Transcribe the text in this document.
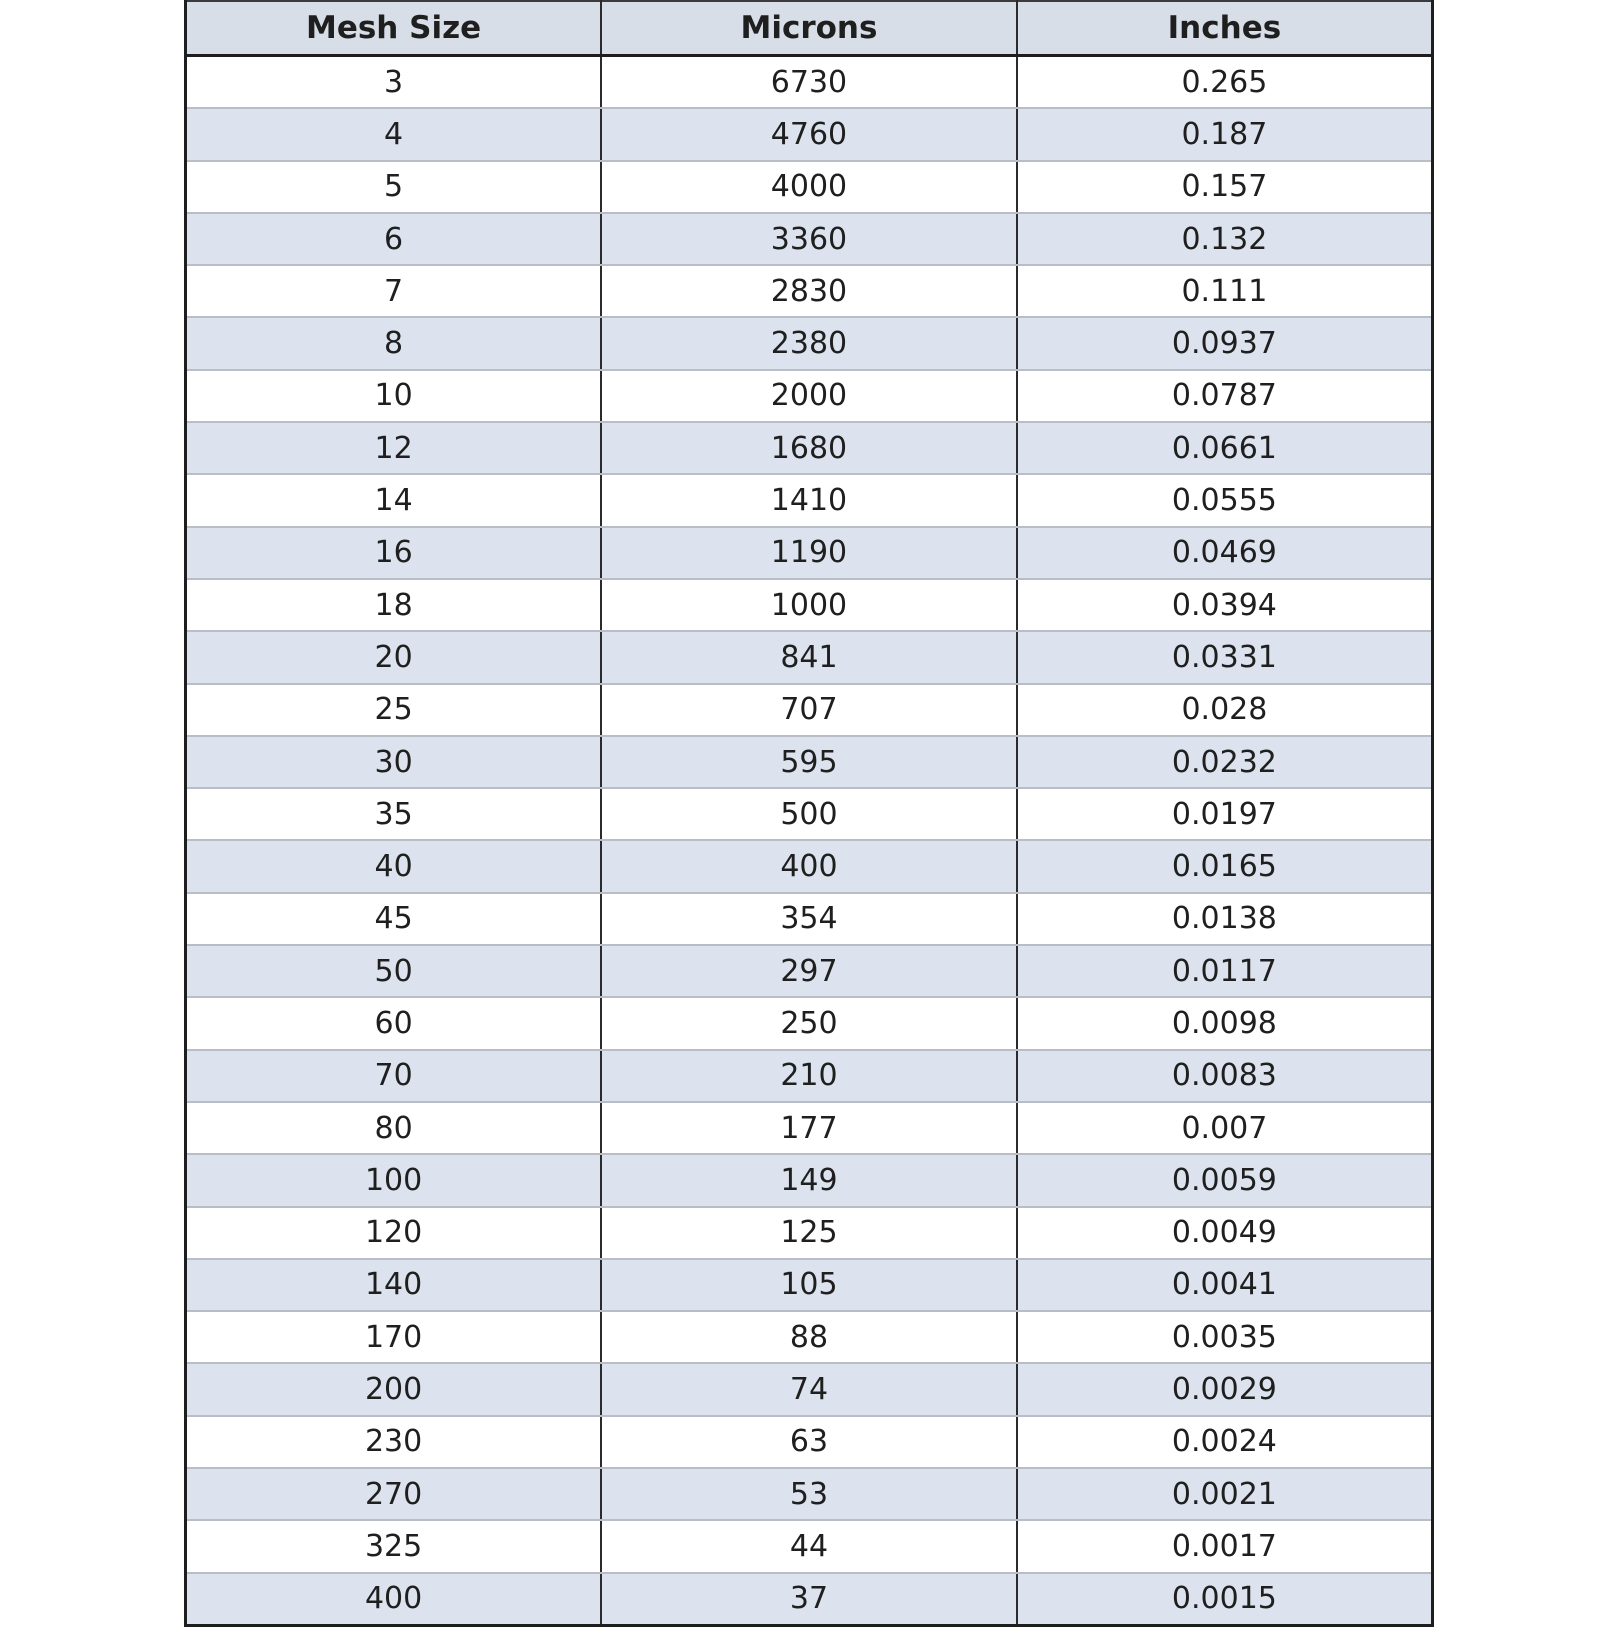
Mesh Size	Microns	Inches
3	6730	0.265
4	4760	0.187
5	4000	0.157
6	3360	0.132
7	2830	0.111
8	2380	0.0937
10	2000	0.0787
12	1680	0.0661
14	1410	0.0555
16	1190	0.0469
18	1000	0.0394
20	841	0.0331
25	707	0.028
30	595	0.0232
35	500	0.0197
40	400	0.0165
45	354	0.0138
50	297	0.0117
60	250	0.0098
70	210	0.0083
80	177	0.007
100	149	0.0059
120	125	0.0049
140	105	0.0041
170	88	0.0035
200	74	0.0029
230	63	0.0024
270	53	0.0021
325	44	0.0017
400	37	0.0015
